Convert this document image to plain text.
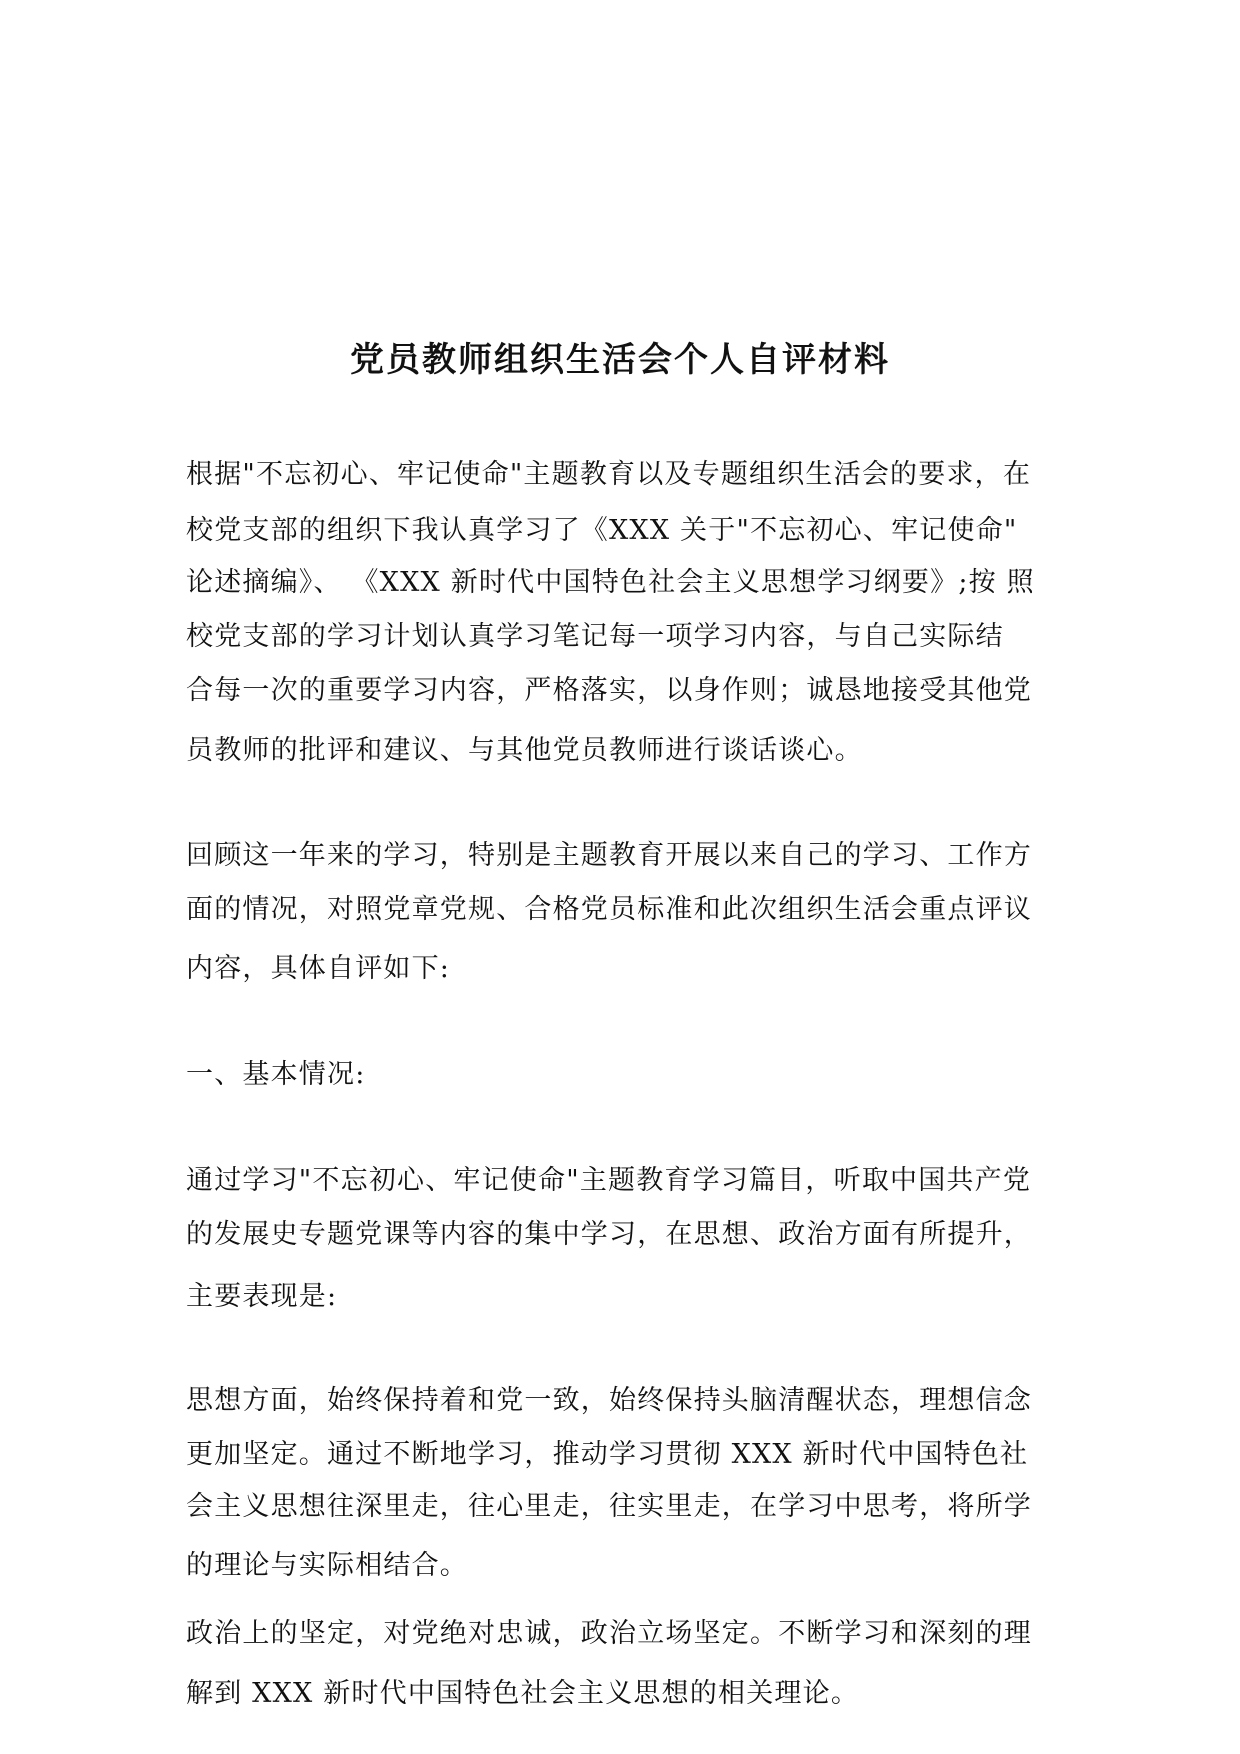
党员教师组织生活会个人自评材料

根据"不忘初心、牢记使命"主题教育以及专题组织生活会的要求，在

校党支部的组织下我认真学习了《XXX 关于"不忘初心、牢记使命"

论述摘编》、 《XXX 新时代中国特色社会主义思想学习纲要》;按 照

校党支部的学习计划认真学习笔记每一项学习内容，与自己实际结

合每一次的重要学习内容，严格落实，以身作则；诚恳地接受其他党

员教师的批评和建议、与其他党员教师进行谈话谈心。

回顾这一年来的学习，特别是主题教育开展以来自己的学习、工作方

面的情况，对照党章党规、合格党员标准和此次组织生活会重点评议

内容，具体自评如下:

一、基本情况:

通过学习"不忘初心、牢记使命"主题教育学习篇目，听取中国共产党

的发展史专题党课等内容的集中学习，在思想、政治方面有所提升，

主要表现是:

思想方面，始终保持着和党一致，始终保持头脑清醒状态，理想信念

更加坚定。通过不断地学习，推动学习贯彻 XXX 新时代中国特色社

会主义思想往深里走，往心里走，往实里走，在学习中思考，将所学

的理论与实际相结合。

政治上的坚定，对党绝对忠诚，政治立场坚定。不断学习和深刻的理

解到 XXX 新时代中国特色社会主义思想的相关理论。
